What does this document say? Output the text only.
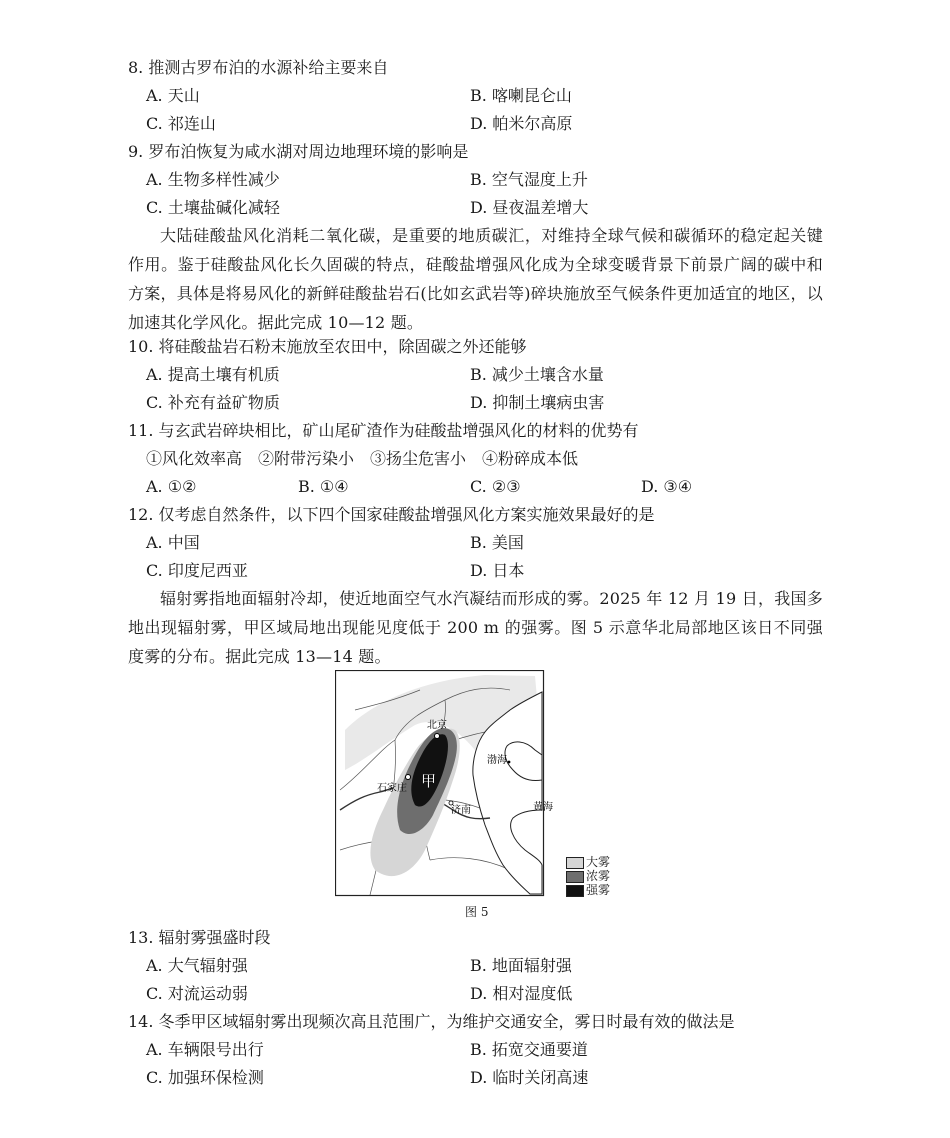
8. 推测古罗布泊的水源补给主要来自
A. 天山	B. 喀喇昆仑山
C. 祁连山	D. 帕米尔高原
9. 罗布泊恢复为咸水湖对周边地理环境的影响是
A. 生物多样性减少	B. 空气湿度上升
C. 土壤盐碱化减轻	D. 昼夜温差增大
大陆硅酸盐风化消耗二氧化碳，是重要的地质碳汇，对维持全球气候和碳循环的稳定起关键作用。鉴于硅酸盐风化长久固碳的特点，硅酸盐增强风化成为全球变暖背景下前景广阔的碳中和方案，具体是将易风化的新鲜硅酸盐岩石(比如玄武岩等)碎块施放至气候条件更加适宜的地区，以加速其化学风化。据此完成 10—12 题。
10. 将硅酸盐岩石粉末施放至农田中，除固碳之外还能够
A. 提高土壤有机质	B. 减少土壤含水量
C. 补充有益矿物质	D. 抑制土壤病虫害
11. 与玄武岩碎块相比，矿山尾矿渣作为硅酸盐增强风化的材料的优势有
①风化效率高　②附带污染小　③扬尘危害小　④粉碎成本低
A. ①②	B. ①④	C. ②③	D. ③④
12. 仅考虑自然条件，以下四个国家硅酸盐增强风化方案实施效果最好的是
A. 中国	B. 美国
C. 印度尼西亚	D. 日本
辐射雾指地面辐射冷却，使近地面空气水汽凝结而形成的雾。2025 年 12 月 19 日，我国多地出现辐射雾，甲区域局地出现能见度低于 200 m 的强雾。图 5 示意华北局部地区该日不同强度雾的分布。据此完成 13—14 题。
北京
石家庄
济南
甲
渤海
黄海
大雾
浓雾
强雾
图 5
13. 辐射雾强盛时段
A. 大气辐射强	B. 地面辐射强
C. 对流运动弱	D. 相对湿度低
14. 冬季甲区域辐射雾出现频次高且范围广，为维护交通安全，雾日时最有效的做法是
A. 车辆限号出行	B. 拓宽交通要道
C. 加强环保检测	D. 临时关闭高速
